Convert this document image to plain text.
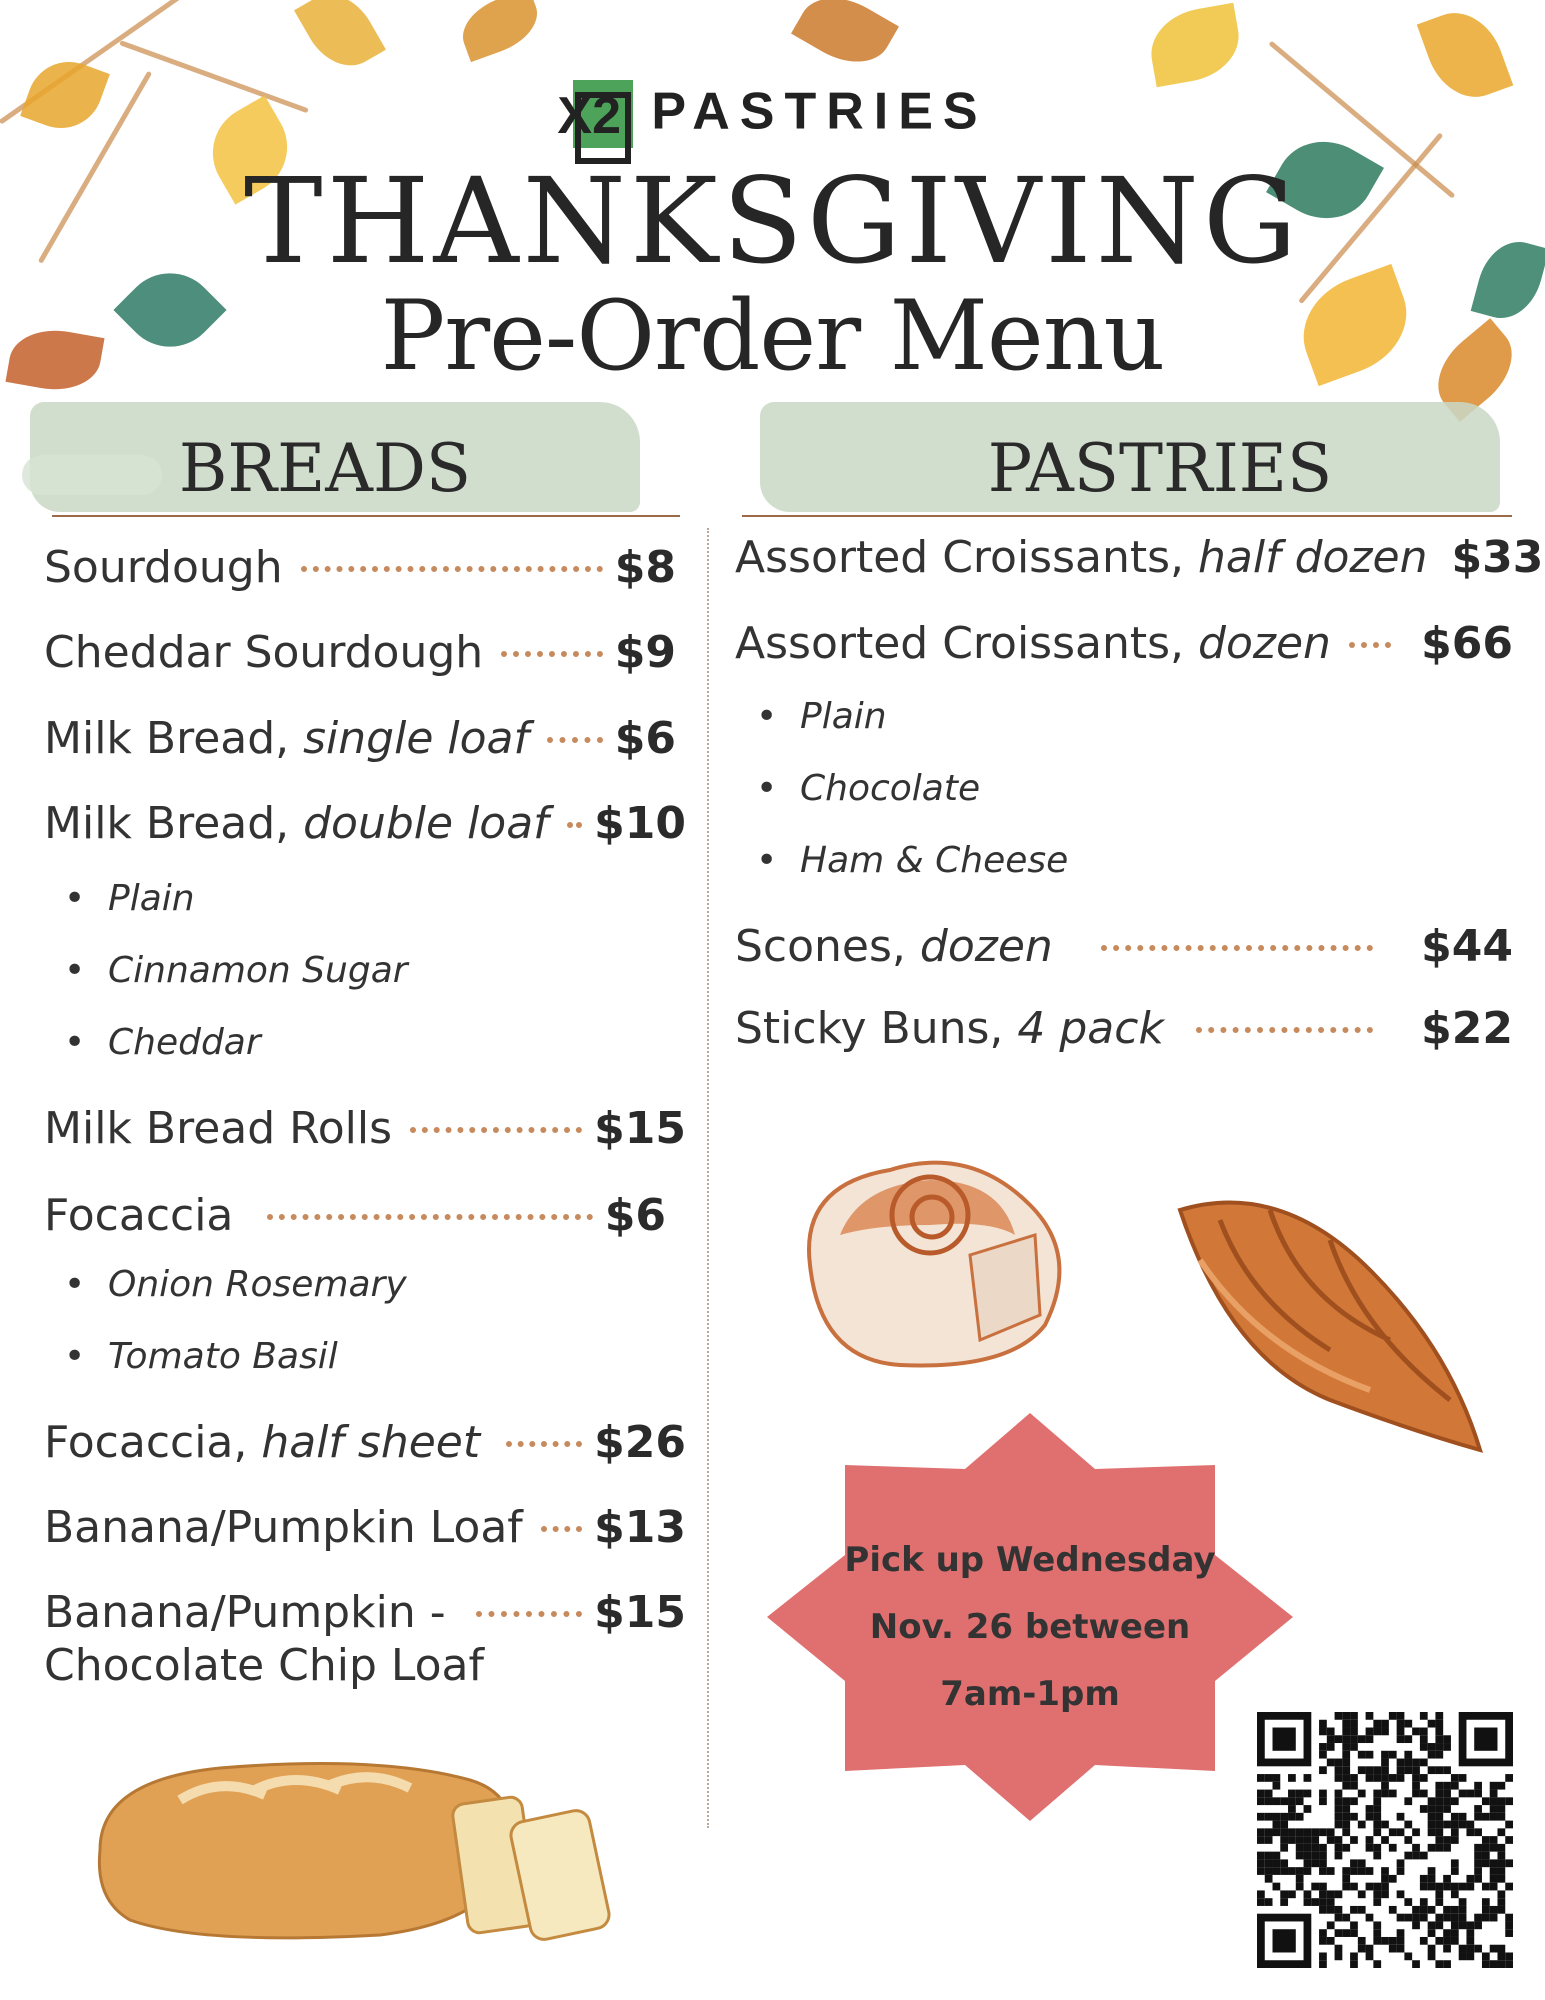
X2 PASTRIES
THANKSGIVING
Pre-Order Menu
BREADS	PASTRIES
Sourdough	$8
Cheddar Sourdough	$9
Milk Bread, single loaf $6
Milk Bread, double loaf $10
• Plain
• Cinnamon Sugar
• Cheddar
Milk Bread Rolls	$15
Focaccia	$6
• Onion Rosemary
• Tomato Basil
Focaccia, half sheet	$26
Banana/Pumpkin Loaf $13
Banana/Pumpkin -	$15
Chocolate Chip Loaf
Assorted Croissants, half dozen $33
Assorted Croissants, dozen $66
• Plain
• Chocolate
• Ham & Cheese
Scones, dozen	$44
Sticky Buns, 4 pack	$22
Pick up Wednesday
Nov. 26 between
7am-1pm
